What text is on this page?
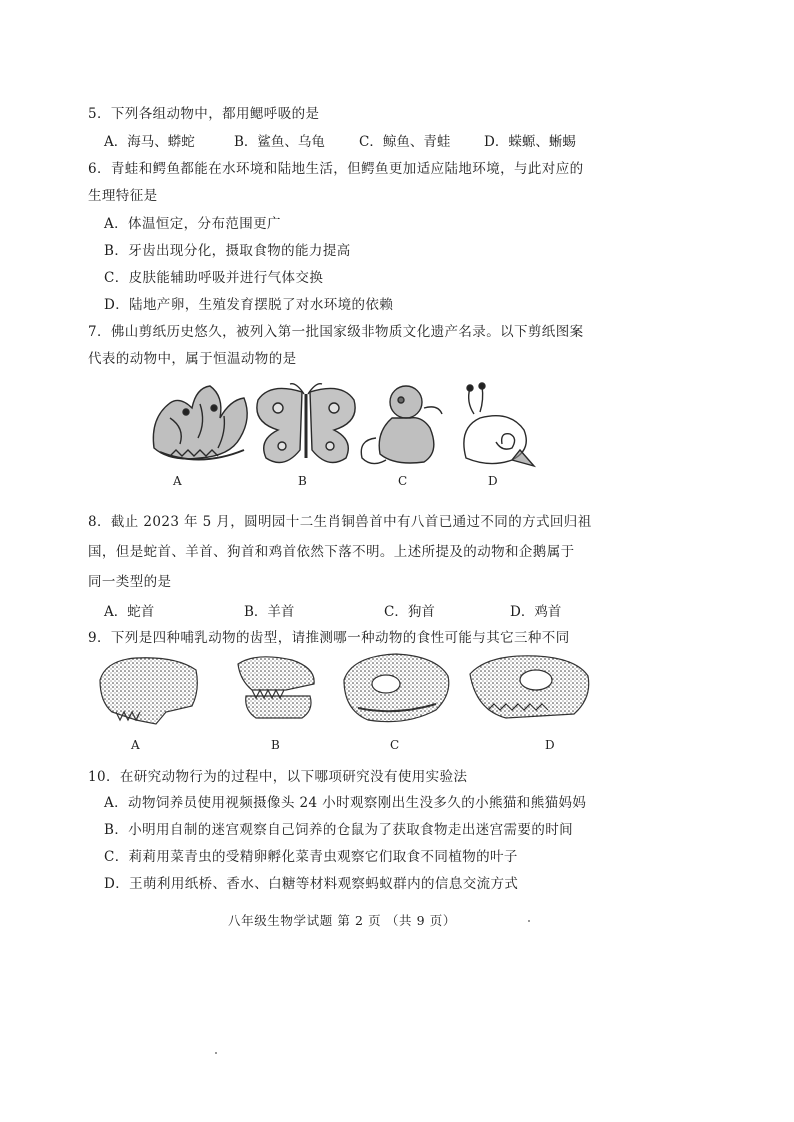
5．下列各组动物中，都用鳃呼吸的是
A．海马、蟒蛇	B．鲨鱼、乌龟	C．鲸鱼、青蛙	D．蝾螈、蜥蜴
6．青蛙和鳄鱼都能在水环境和陆地生活，但鳄鱼更加适应陆地环境，与此对应的
生理特征是
A．体温恒定，分布范围更广
B．牙齿出现分化，摄取食物的能力提高
C．皮肤能辅助呼吸并进行气体交换
D．陆地产卵，生殖发育摆脱了对水环境的依赖
7．佛山剪纸历史悠久，被列入第一批国家级非物质文化遗产名录。以下剪纸图案
代表的动物中，属于恒温动物的是
A	B	C	D
8．截止 2023 年 5 月，圆明园十二生肖铜兽首中有八首已通过不同的方式回归祖
国，但是蛇首、羊首、狗首和鸡首依然下落不明。上述所提及的动物和企鹅属于
同一类型的是
A．蛇首	B．羊首	C．狗首	D．鸡首
9．下列是四种哺乳动物的齿型，请推测哪一种动物的食性可能与其它三种不同
A	B	C	D
10．在研究动物行为的过程中，以下哪项研究没有使用实验法
A．动物饲养员使用视频摄像头 24 小时观察刚出生没多久的小熊猫和熊猫妈妈
B．小明用自制的迷宫观察自己饲养的仓鼠为了获取食物走出迷宫需要的时间
C．莉莉用菜青虫的受精卵孵化菜青虫观察它们取食不同植物的叶子
D．王萌利用纸桥、香水、白糖等材料观察蚂蚁群内的信息交流方式
八年级生物学试题 第 2 页 （共 9 页）
